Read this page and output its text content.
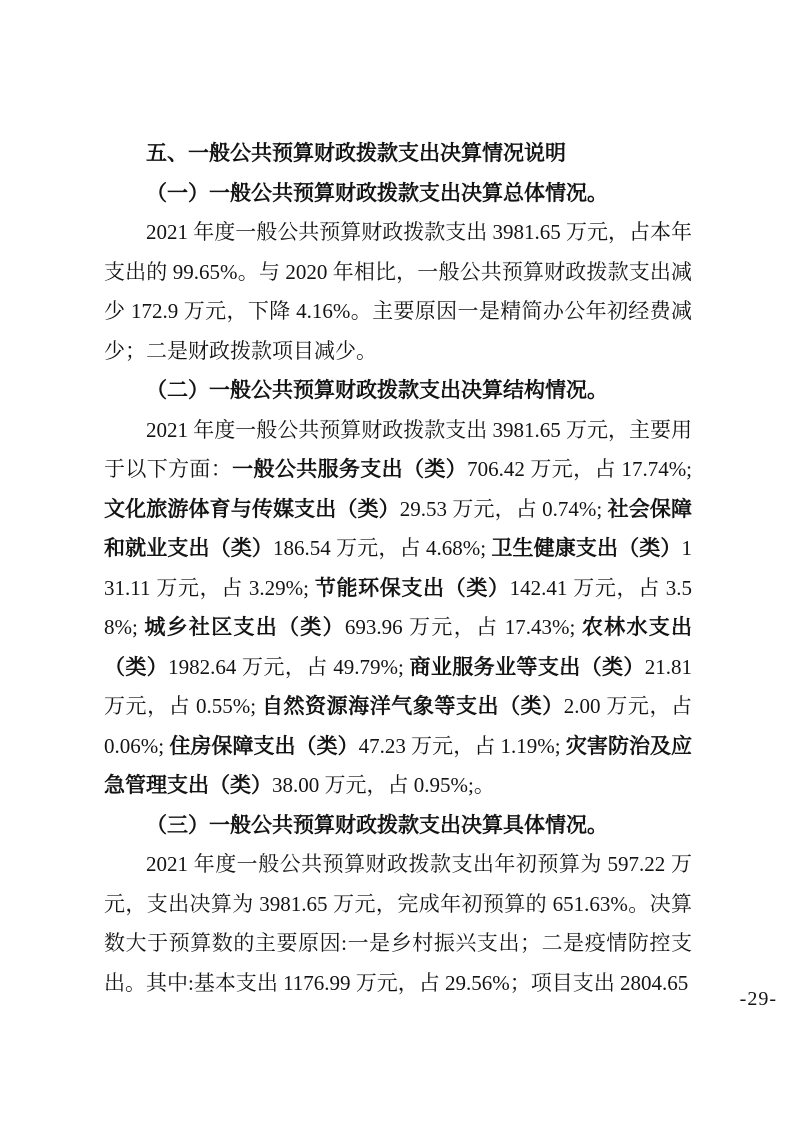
五、一般公共预算财政拨款支出决算情况说明

（一）一般公共预算财政拨款支出决算总体情况。

2021 年度一般公共预算财政拨款支出 3981.65 万元，占本年支出的 99.65%。与 2020 年相比，一般公共预算财政拨款支出减少 172.9 万元，下降 4.16%。主要原因一是精简办公年初经费减少；二是财政拨款项目减少。

（二）一般公共预算财政拨款支出决算结构情况。

2021 年度一般公共预算财政拨款支出 3981.65 万元，主要用于以下方面：一般公共服务支出（类）706.42 万元，占 17.74%; 文化旅游体育与传媒支出（类）29.53 万元，占 0.74%; 社会保障和就业支出（类）186.54 万元，占 4.68%; 卫生健康支出（类）131.11 万元，占 3.29%; 节能环保支出（类）142.41 万元，占 3.58%; 城乡社区支出（类）693.96 万元，占 17.43%; 农林水支出（类）1982.64 万元，占 49.79%; 商业服务业等支出（类）21.81 万元，占 0.55%; 自然资源海洋气象等支出（类）2.00 万元，占 0.06%; 住房保障支出（类）47.23 万元，占 1.19%; 灾害防治及应急管理支出（类）38.00 万元，占 0.95%;。

（三）一般公共预算财政拨款支出决算具体情况。

2021 年度一般公共预算财政拨款支出年初预算为 597.22 万元，支出决算为 3981.65 万元，完成年初预算的 651.63%。决算数大于预算数的主要原因:一是乡村振兴支出；二是疫情防控支出。其中:基本支出 1176.99 万元，占 29.56%；项目支出 2804.65

-29-
